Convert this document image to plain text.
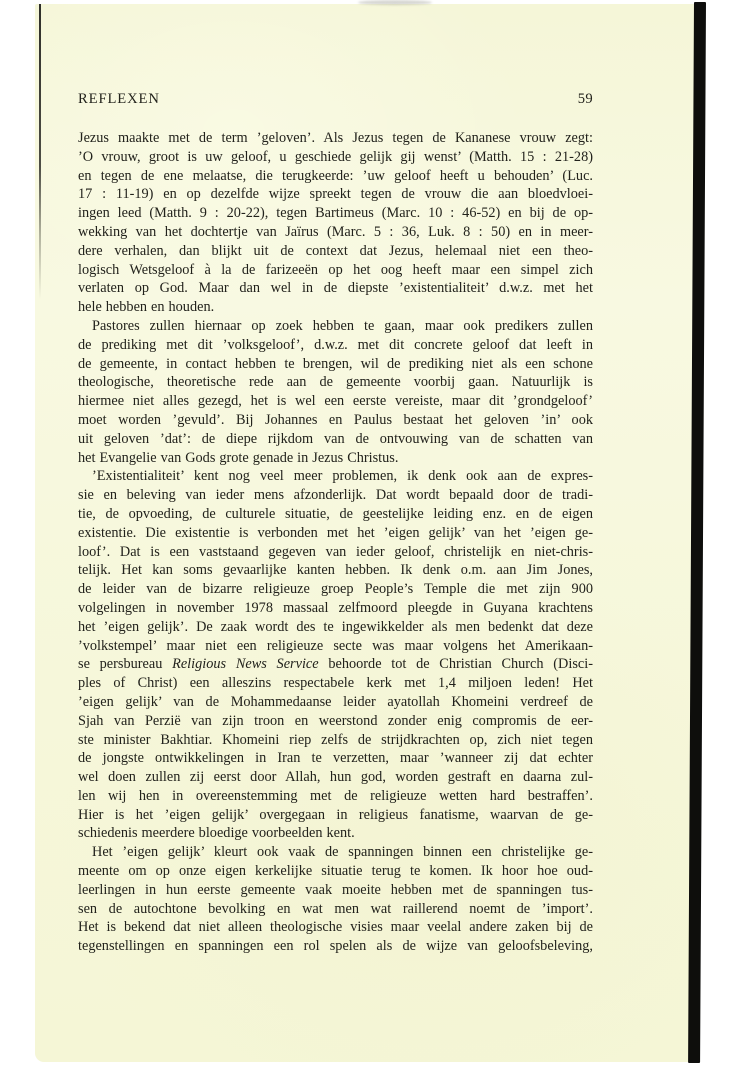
REFLEXEN	59
Jezus maakte met de term ’geloven’. Als Jezus tegen de Kananese vrouw zegt:
’O vrouw, groot is uw geloof, u geschiede gelijk gij wenst’ (Matth. 15 : 21-28)
en tegen de ene melaatse, die terugkeerde: ’uw geloof heeft u behouden’ (Luc.
17 : 11-19) en op dezelfde wijze spreekt tegen de vrouw die aan bloedvloei-
ingen leed (Matth. 9 : 20-22), tegen Bartimeus (Marc. 10 : 46-52) en bij de op-
wekking van het dochtertje van Jaïrus (Marc. 5 : 36, Luk. 8 : 50) en in meer-
dere verhalen, dan blijkt uit de context dat Jezus, helemaal niet een theo-
logisch Wetsgeloof à la de farizeeën op het oog heeft maar een simpel zich
verlaten op God. Maar dan wel in de diepste ’existentialiteit’ d.w.z. met het
hele hebben en houden.
Pastores zullen hiernaar op zoek hebben te gaan, maar ook predikers zullen
de prediking met dit ’volksgeloof’, d.w.z. met dit concrete geloof dat leeft in
de gemeente, in contact hebben te brengen, wil de prediking niet als een schone
theologische, theoretische rede aan de gemeente voorbij gaan. Natuurlijk is
hiermee niet alles gezegd, het is wel een eerste vereiste, maar dit ’grondgeloof’
moet worden ’gevuld’. Bij Johannes en Paulus bestaat het geloven ’in’ ook
uit geloven ’dat’: de diepe rijkdom van de ontvouwing van de schatten van
het Evangelie van Gods grote genade in Jezus Christus.
’Existentialiteit’ kent nog veel meer problemen, ik denk ook aan de expres-
sie en beleving van ieder mens afzonderlijk. Dat wordt bepaald door de tradi-
tie, de opvoeding, de culturele situatie, de geestelijke leiding enz. en de eigen
existentie. Die existentie is verbonden met het ’eigen gelijk’ van het ’eigen ge-
loof’. Dat is een vaststaand gegeven van ieder geloof, christelijk en niet-chris-
telijk. Het kan soms gevaarlijke kanten hebben. Ik denk o.m. aan Jim Jones,
de leider van de bizarre religieuze groep People’s Temple die met zijn 900
volgelingen in november 1978 massaal zelfmoord pleegde in Guyana krachtens
het ’eigen gelijk’. De zaak wordt des te ingewikkelder als men bedenkt dat deze
’volkstempel’ maar niet een religieuze secte was maar volgens het Amerikaan-
se persbureau Religious News Service behoorde tot de Christian Church (Disci-
ples of Christ) een alleszins respectabele kerk met 1,4 miljoen leden! Het
’eigen gelijk’ van de Mohammedaanse leider ayatollah Khomeini verdreef de
Sjah van Perzië van zijn troon en weerstond zonder enig compromis de eer-
ste minister Bakhtiar. Khomeini riep zelfs de strijdkrachten op, zich niet tegen
de jongste ontwikkelingen in Iran te verzetten, maar ’wanneer zij dat echter
wel doen zullen zij eerst door Allah, hun god, worden gestraft en daarna zul-
len wij hen in overeenstemming met de religieuze wetten hard bestraffen’.
Hier is het ’eigen gelijk’ overgegaan in religieus fanatisme, waarvan de ge-
schiedenis meerdere bloedige voorbeelden kent.
Het ’eigen gelijk’ kleurt ook vaak de spanningen binnen een christelijke ge-
meente om op onze eigen kerkelijke situatie terug te komen. Ik hoor hoe oud-
leerlingen in hun eerste gemeente vaak moeite hebben met de spanningen tus-
sen de autochtone bevolking en wat men wat raillerend noemt de ’import’.
Het is bekend dat niet alleen theologische visies maar veelal andere zaken bij de
tegenstellingen en spanningen een rol spelen als de wijze van geloofsbeleving,
